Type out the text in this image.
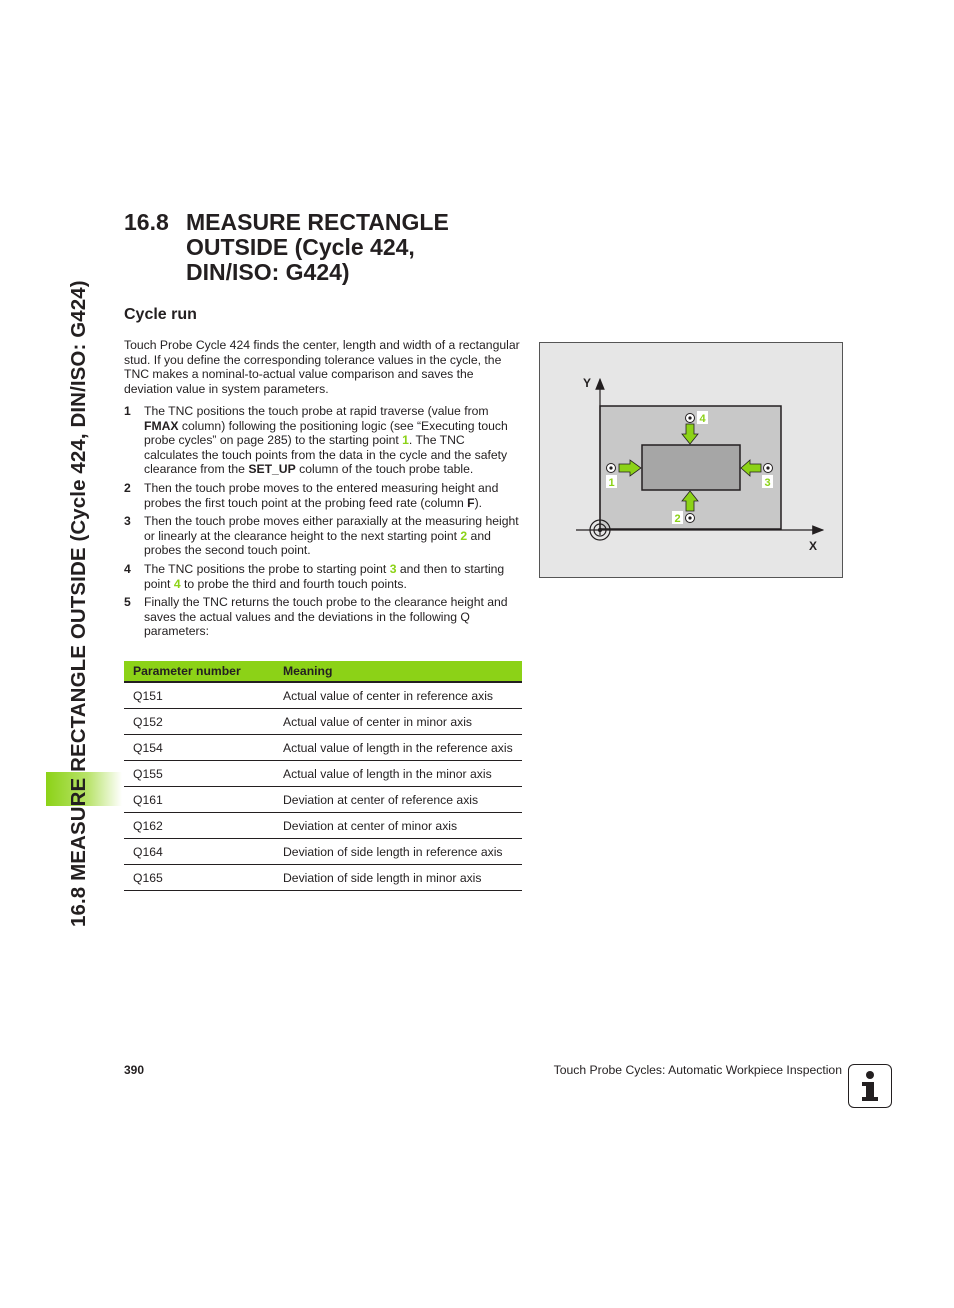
16.8 MEASURE RECTANGLE OUTSIDE (Cycle 424, DIN/ISO: G424)
16.8 MEASURE RECTANGLE
OUTSIDE (Cycle 424,
DIN/ISO: G424)
Cycle run
Touch Probe Cycle 424 finds the center, length and width of a rectangular stud. If you define the corresponding tolerance values in the cycle, the TNC makes a nominal-to-actual value comparison and saves the deviation value in system parameters.
1 The TNC positions the touch probe at rapid traverse (value from FMAX column) following the positioning logic (see “Executing touch probe cycles” on page 285) to the starting point 1. The TNC calculates the touch points from the data in the cycle and the safety clearance from the SET_UP column of the touch probe table.
2 Then the touch probe moves to the entered measuring height and probes the first touch point at the probing feed rate (column F).
3 Then the touch probe moves either paraxially at the measuring height or linearly at the clearance height to the next starting point 2 and probes the second touch point.
4 The TNC positions the probe to starting point 3 and then to starting point 4 to probe the third and fourth touch points.
5 Finally the TNC returns the touch probe to the clearance height and saves the actual values and the deviations in the following Q parameters:
Parameter number	Meaning
Q151	Actual value of center in reference axis
Q152	Actual value of center in minor axis
Q154	Actual value of length in the reference axis
Q155	Actual value of length in the minor axis
Q161	Deviation at center of reference axis
Q162	Deviation at center of minor axis
Q164	Deviation of side length in reference axis
Q165	Deviation of side length in minor axis
Y
X
1	3
4
2
390	Touch Probe Cycles: Automatic Workpiece Inspection
